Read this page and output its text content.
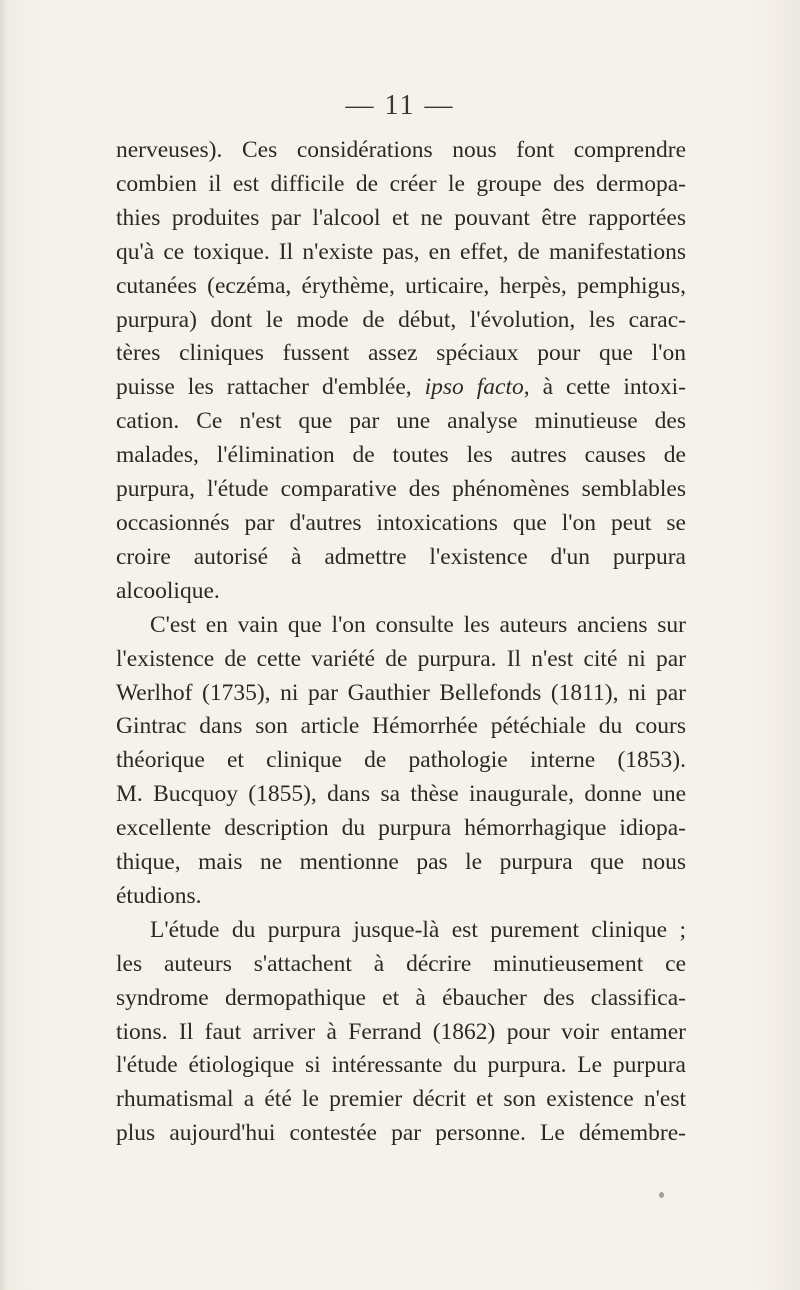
— 11 —

nerveuses). Ces considérations nous font comprendre
combien il est difficile de créer le groupe des dermopa-
thies produites par l'alcool et ne pouvant être rapportées
qu'à ce toxique. Il n'existe pas, en effet, de manifestations
cutanées (eczéma, érythème, urticaire, herpès, pemphigus,
purpura) dont le mode de début, l'évolution, les carac-
tères cliniques fussent assez spéciaux pour que l'on
puisse les rattacher d'emblée, ipso facto, à cette intoxi-
cation. Ce n'est que par une analyse minutieuse des
malades, l'élimination de toutes les autres causes de
purpura, l'étude comparative des phénomènes semblables
occasionnés par d'autres intoxications que l'on peut se
croire autorisé à admettre l'existence d'un purpura
alcoolique.

C'est en vain que l'on consulte les auteurs anciens sur
l'existence de cette variété de purpura. Il n'est cité ni par
Werlhof (1735), ni par Gauthier Bellefonds (1811), ni par
Gintrac dans son article Hémorrhée pétéchiale du cours
théorique et clinique de pathologie interne (1853).
M. Bucquoy (1855), dans sa thèse inaugurale, donne une
excellente description du purpura hémorrhagique idiopa-
thique, mais ne mentionne pas le purpura que nous
étudions.

L'étude du purpura jusque-là est purement clinique ;
les auteurs s'attachent à décrire minutieusement ce
syndrome dermopathique et à ébaucher des classifica-
tions. Il faut arriver à Ferrand (1862) pour voir entamer
l'étude étiologique si intéressante du purpura. Le purpura
rhumatismal a été le premier décrit et son existence n'est
plus aujourd'hui contestée par personne. Le démembre-
